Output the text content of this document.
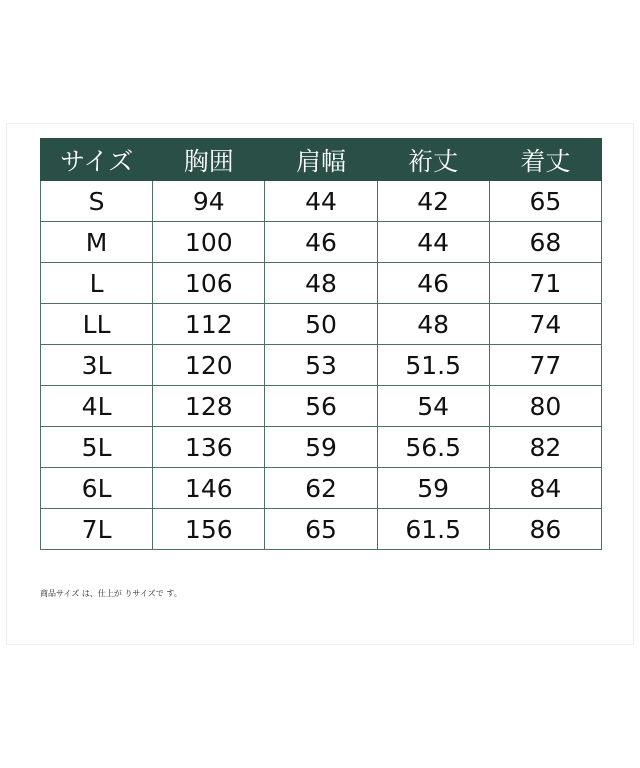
サイズ	胸囲	肩幅	裄丈	着丈
S	94	44	42	65
M	100	46	44	68
L	106	48	46	71
LL	112	50	48	74
3L	120	53	51.5	77
4L	128	56	54	80
5L	136	59	56.5	82
6L	146	62	59	84
7L	156	65	61.5	86
商品サイズ は、仕上が りサイズで す。
